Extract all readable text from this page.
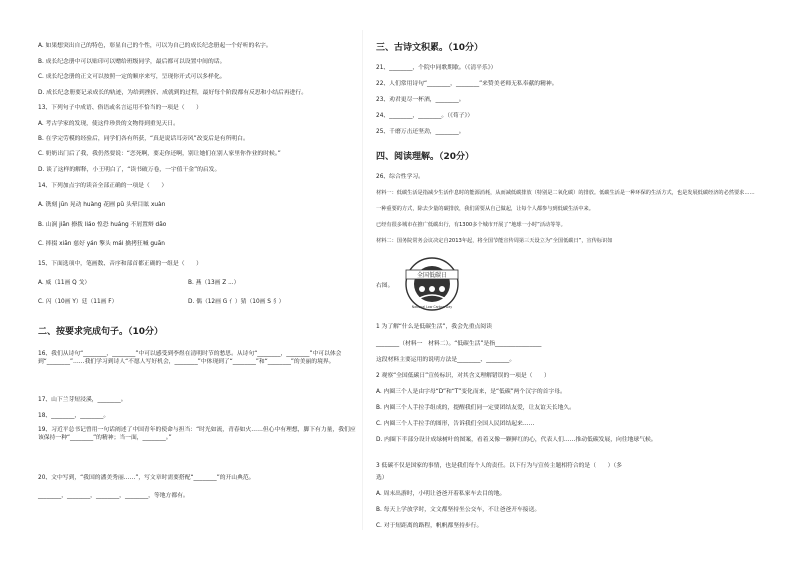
A. 如果想突出自己的特色，彰显自己的个性，可以为自己的成长纪念册起一个好听的名字。
B. 成长纪念册中可以贴印可以赠给班级同学，最后都可以设置中间的话。
C. 成长纪念册的正文可以按照一定的顺序来写，呈现你开式可以多样化。
D. 成长纪念册要记录成长的轨迹，为给到挫折、成就到的过程，最好每个阶段都有反思和小结后再进行。
13、下列句子中成语、俗语或名言运用不恰当的一项是（　　）
A. 考古学家的发现，使这件珍贵的文物得到重见天日。
B. 在学完劳模的经验后，同学们各有所获，“真是说话耳旁风”改变后是有所明白。
C. 奶奶出门后了我，我仍然要说：“恋死啊，要走你还啊，别让她们在别人家里你作业的时候。”
D. 谈了这样的解释，小王明白了，“读书破万卷，一宇值干金”的启发。
14、下列加点字的读音全部正确的一项是（　　）
A. 镌刻 jūn 晃动 huàng 花圃 pǔ 头晕目眩 xuàn
B. 山涧 jiān 撩拨 liáo 惶恐 huáng 不屑置辩 dāo
C. 摔掇 xiān 慈好 yán 擎头 mái 擒拷狂喊 guān
15、下面选项中，笔画数、音序和部首都正确的一组是（　　）
A. 威（11画 Q 戈）	B. 燕（13画 Z ...）
C. 闪（10画 Y）廷（11画 F）	D. 偶（12画 G 亻）猜（10画 S 犭）
二、按要求完成句子。（10分）
16、我们从诗句“________，________”中可以感受到李煜在清明时节的愁思。从诗句“________，________”中可以体会到“________”……我们学习到诗人“不愿人写好机会，________”中体现到了“________”和“________”的美丽的境界。
17、山下兰芽短浸溪，________。
18、________，________。
19、习近平总书记曾用一句话阐述了中国青年的使命与担当：“时光如流，青春如火……但心中有理想，脚下有力量，我们应该保持一种“________”的精神；当一面，________。”
20、文中写到，“我国的潘美秀丽……”，写文章时需要搭配“________”的开山典范。
________，________，________，________，等地方都有。
三、古诗文积累。（10分）
21、________，个院中同歌期歇。（《清平乐》）
22、人们常用诗句“________，________”来赞美老师无私奉献的精神。
23、劝君更尽一杯酒，________。
24、________，________。（《荀子》）
25、千磨万击还坚劲，________。
四、阅读理解。（20分）
26、综合性学习。
材料一：低碳生活是指减少生活作息时的能源消耗，从而减低碳排放（特别是二氧化碳）的排放。低碳生活是一种环保的生活方式，也是发展低碳经济的必然要求……
一种重要的方式，除去少量的碳排放，我们需要从自己做起，让每个人都参与到低碳生活中来。
已经有很多城市在推广低碳出行，有1300多个城市开展了“地球一小时”活动等等。
材料二：国务院常务会议决定自2013年起，将全国节能宣传周第三天设立为“全国低碳日”，宣传标识如
全国低碳日
National Low Carbon Day
右图。
1 为了解“什么是低碳生活”，我会先重点阅读
________（材料一　材料二）。“低碳生活”是指________________
这段材料主要运用的说明方法是________、________。
2 观察“全国低碳日”宣传标识，对其含义理解错误的一项是（　　）
A. 内圈三个人是由字母“D”和“T”变化而来，是“低碳”两个汉字的首字母。
B. 内圈三个人手拉手组成的，提醒我们同一定要团结友爱，让友谊天长地久。
C. 内圈三个人手拉手的图形，告诉我们全国人民团结起来……
D. 内圈下半部分设计成绿树叶的图案，看着又像一颗鲜红的心，代表人们……推动低碳发展，向往地球气候。
3 低碳不仅是国家的事情，也是我们每个人的责任。以下行为与宣传主题相符合的是（　　）（多
选）
A. 周末出游时，小明让爸爸开着私家车去目的地。
B. 每天上学放学时，文文都坚持坐公交车，不让爸爸开车接送。
C. 对于短距离的路程，帆帆都坚持步行。
